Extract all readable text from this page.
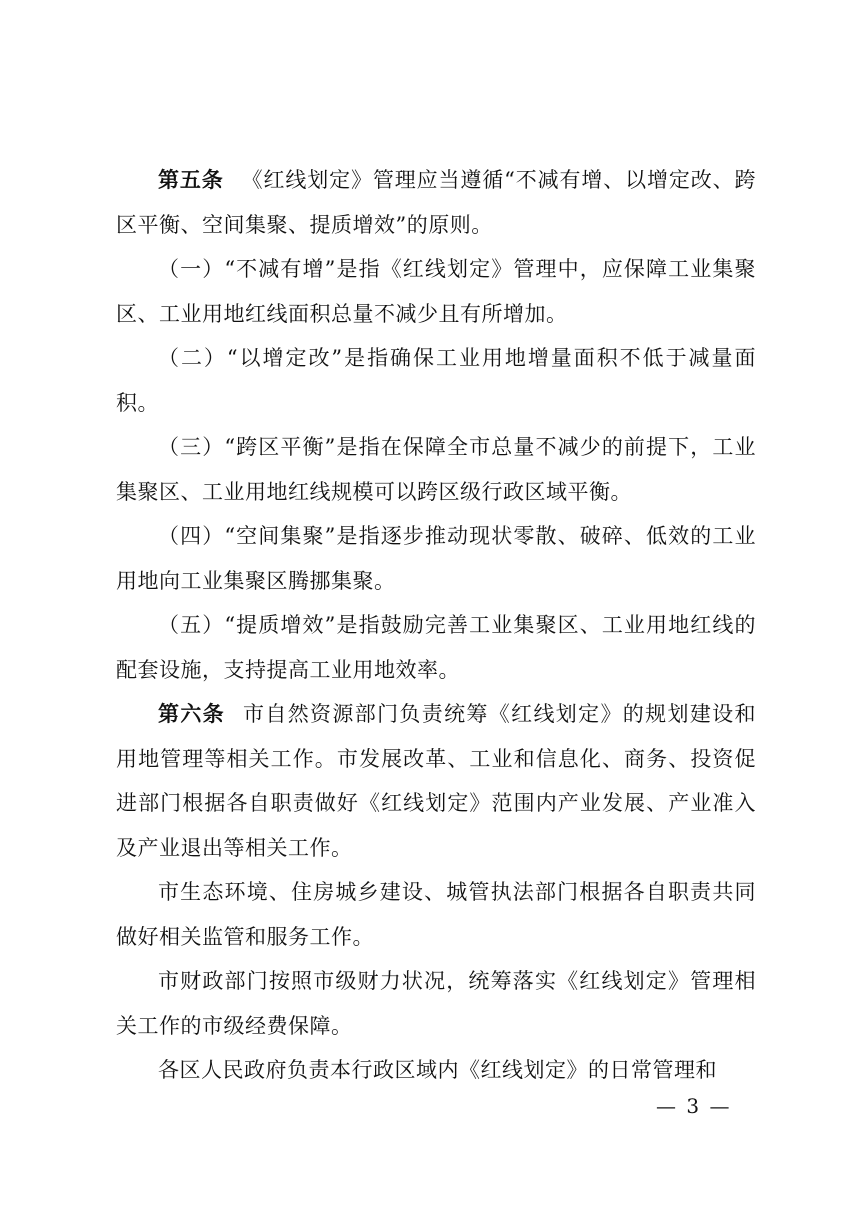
第五条 《红线划定》管理应当遵循“不减有增、以增定改、跨区平衡、空间集聚、提质增效”的原则。

（一）“不减有增”是指《红线划定》管理中，应保障工业集聚区、工业用地红线面积总量不减少且有所增加。

（二）“以增定改”是指确保工业用地增量面积不低于减量面积。

（三）“跨区平衡”是指在保障全市总量不减少的前提下，工业集聚区、工业用地红线规模可以跨区级行政区域平衡。

（四）“空间集聚”是指逐步推动现状零散、破碎、低效的工业用地向工业集聚区腾挪集聚。

（五）“提质增效”是指鼓励完善工业集聚区、工业用地红线的配套设施，支持提高工业用地效率。

第六条 市自然资源部门负责统筹《红线划定》的规划建设和用地管理等相关工作。市发展改革、工业和信息化、商务、投资促进部门根据各自职责做好《红线划定》范围内产业发展、产业准入及产业退出等相关工作。

市生态环境、住房城乡建设、城管执法部门根据各自职责共同做好相关监管和服务工作。

市财政部门按照市级财力状况，统筹落实《红线划定》管理相关工作的市级经费保障。

各区人民政府负责本行政区域内《红线划定》的日常管理和

— 3 —
